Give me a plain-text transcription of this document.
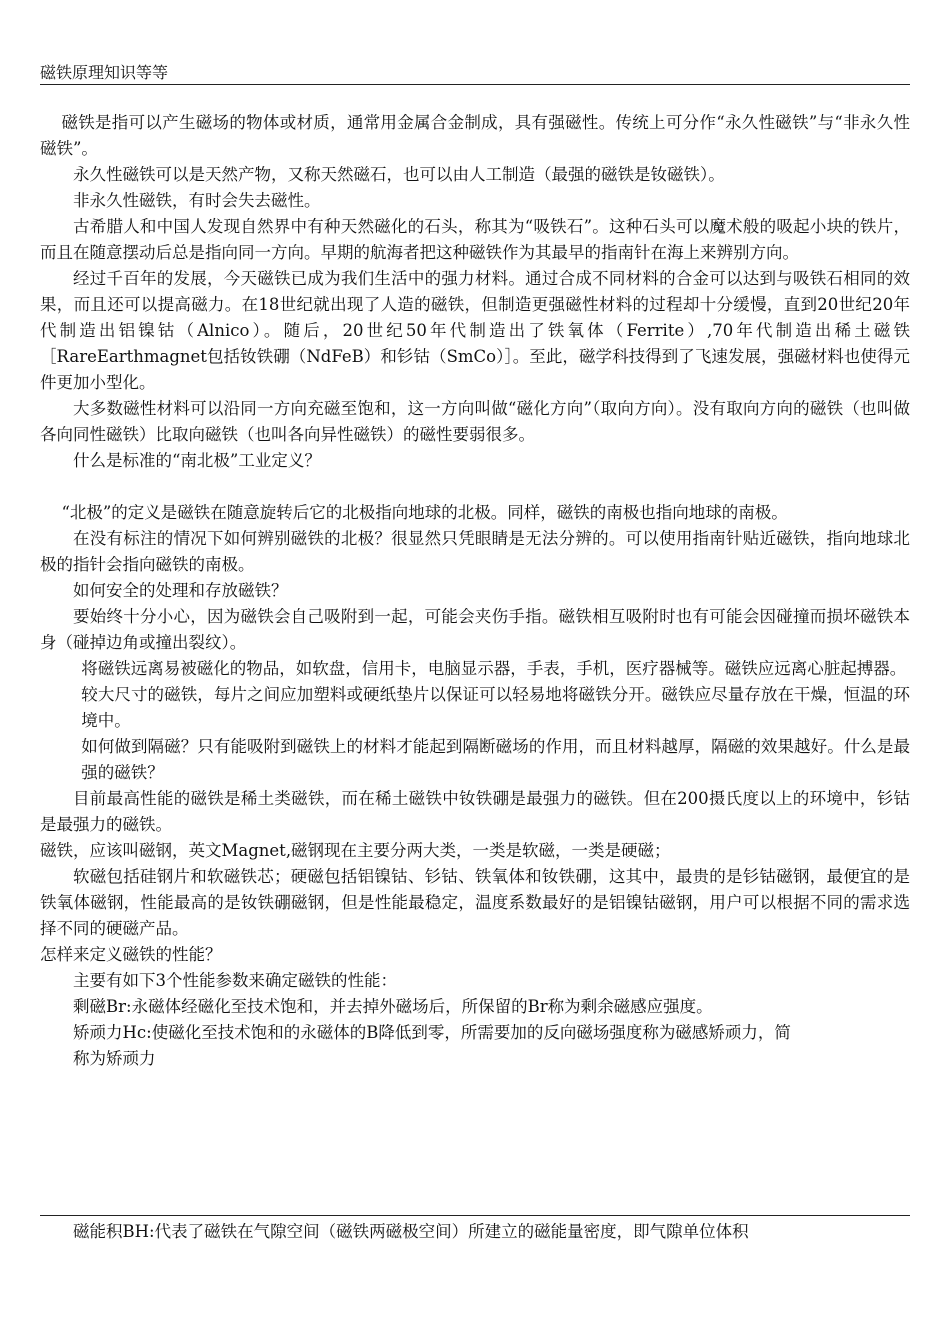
磁铁原理知识等等

磁铁是指可以产生磁场的物体或材质，通常用金属合金制成，具有强磁性。传统上可分作“永久性磁铁”与“非永久性磁铁”。

永久性磁铁可以是天然产物，又称天然磁石，也可以由人工制造（最强的磁铁是钕磁铁）。

非永久性磁铁，有时会失去磁性。

古希腊人和中国人发现自然界中有种天然磁化的石头，称其为“吸铁石”。这种石头可以魔术般的吸起小块的铁片，而且在随意摆动后总是指向同一方向。早期的航海者把这种磁铁作为其最早的指南针在海上来辨别方向。

经过千百年的发展，今天磁铁已成为我们生活中的强力材料。通过合成不同材料的合金可以达到与吸铁石相同的效果，而且还可以提高磁力。在18世纪就出现了人造的磁铁，但制造更强磁性材料的过程却十分缓慢，直到20世纪20年代制造出铝镍钴（Alnico）。随后，20世纪50年代制造出了铁氧体（Ferrite）,70年代制造出稀土磁铁［RareEarthmagnet包括钕铁硼（NdFeB）和钐钴（SmCo）］。至此，磁学科技得到了飞速发展，强磁材料也使得元件更加小型化。

大多数磁性材料可以沿同一方向充磁至饱和，这一方向叫做“磁化方向”（取向方向）。没有取向方向的磁铁（也叫做各向同性磁铁）比取向磁铁（也叫各向异性磁铁）的磁性要弱很多。

什么是标准的“南北极”工业定义？

“北极”的定义是磁铁在随意旋转后它的北极指向地球的北极。同样，磁铁的南极也指向地球的南极。

在没有标注的情况下如何辨别磁铁的北极？很显然只凭眼睛是无法分辨的。可以使用指南针贴近磁铁，指向地球北极的指针会指向磁铁的南极。

如何安全的处理和存放磁铁？

要始终十分小心，因为磁铁会自己吸附到一起，可能会夹伤手指。磁铁相互吸附时也有可能会因碰撞而损坏磁铁本身（碰掉边角或撞出裂纹）。

将磁铁远离易被磁化的物品，如软盘，信用卡，电脑显示器，手表，手机，医疗器械等。磁铁应远离心脏起搏器。

较大尺寸的磁铁，每片之间应加塑料或硬纸垫片以保证可以轻易地将磁铁分开。磁铁应尽量存放在干燥，恒温的环境中。

如何做到隔磁？只有能吸附到磁铁上的材料才能起到隔断磁场的作用，而且材料越厚，隔磁的效果越好。什么是最强的磁铁？

目前最高性能的磁铁是稀土类磁铁，而在稀土磁铁中钕铁硼是最强力的磁铁。但在200摄氏度以上的环境中，钐钴是最强力的磁铁。

磁铁，应该叫磁钢，英文Magnet,磁钢现在主要分两大类，一类是软磁，一类是硬磁；

软磁包括硅钢片和软磁铁芯；硬磁包括铝镍钴、钐钴、铁氧体和钕铁硼，这其中，最贵的是钐钴磁钢，最便宜的是铁氧体磁钢，性能最高的是钕铁硼磁钢，但是性能最稳定，温度系数最好的是铝镍钴磁钢，用户可以根据不同的需求选择不同的硬磁产品。

怎样来定义磁铁的性能？

主要有如下3个性能参数来确定磁铁的性能：

剩磁Br:永磁体经磁化至技术饱和，并去掉外磁场后，所保留的Br称为剩余磁感应强度。

矫顽力Hc:使磁化至技术饱和的永磁体的B降低到零，所需要加的反向磁场强度称为磁感矫顽力，简

称为矫顽力

磁能积BH:代表了磁铁在气隙空间（磁铁两磁极空间）所建立的磁能量密度，即气隙单位体积
